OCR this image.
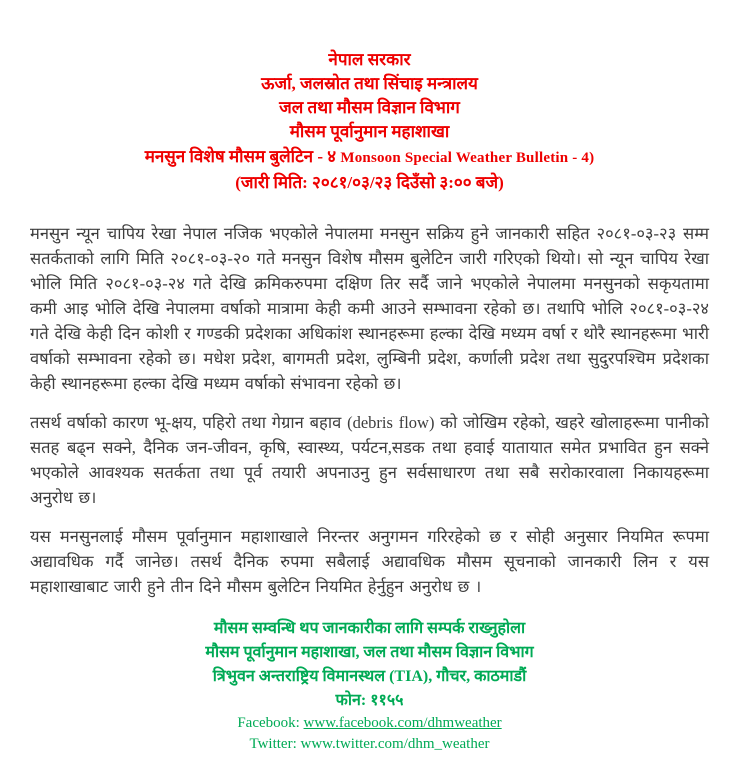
नेपाल सरकार
ऊर्जा, जलस्रोत तथा सिंचाइ मन्त्रालय
जल तथा मौसम विज्ञान विभाग
मौसम पूर्वानुमान महाशाखा
मनसुन विशेष मौसम बुलेटिन - ४ Monsoon Special Weather Bulletin - 4)
(जारी मिति: २०८१/०३/२३ दिउँसो ३:०० बजे)

मनसुन न्यून चापिय रेखा नेपाल नजिक भएकोले नेपालमा मनसुन सक्रिय हुने जानकारी सहित २०८१-०३-२३ सम्म सतर्कताको लागि मिति २०८१-०३-२० गते मनसुन विशेष मौसम बुलेटिन जारी गरिएको थियो। सो न्यून चापिय रेखा भोलि मिति २०८१-०३-२४ गते देखि क्रमिकरुपमा दक्षिण तिर सर्दै जाने भएकोले नेपालमा मनसुनको सकृयतामा कमी आइ भोलि देखि नेपालमा वर्षाको मात्रामा केही कमी आउने सम्भावना रहेको छ। तथापि भोलि २०८१-०३-२४ गते देखि केही दिन कोशी र गण्डकी प्रदेशका अधिकांश स्थानहरूमा हल्का देखि मध्यम वर्षा र थोरै स्थानहरूमा भारी वर्षाको सम्भावना रहेको छ। मधेश प्रदेश, बागमती प्रदेश, लुम्बिनी प्रदेश, कर्णाली प्रदेश तथा सुदुरपश्चिम प्रदेशका केही स्थानहरूमा हल्का देखि मध्यम वर्षाको संभावना रहेको छ।

तसर्थ वर्षाको कारण भू-क्षय, पहिरो तथा गेग्रान बहाव (debris flow) को जोखिम रहेको, खहरे खोलाहरूमा पानीको सतह बढ्न सक्ने, दैनिक जन-जीवन, कृषि, स्वास्थ्य, पर्यटन,सडक तथा हवाई यातायात समेत प्रभावित हुन सक्ने भएकोले आवश्यक सतर्कता तथा पूर्व तयारी अपनाउनु हुन सर्वसाधारण तथा सबै सरोकारवाला निकायहरूमा अनुरोध छ।

यस मनसुनलाई मौसम पूर्वानुमान महाशाखाले निरन्तर अनुगमन गरिरहेको छ र सोही अनुसार नियमित रूपमा अद्यावधिक गर्दै जानेछ। तसर्थ दैनिक रुपमा सबैलाई अद्यावधिक मौसम सूचनाको जानकारी लिन र यस महाशाखाबाट जारी हुने तीन दिने मौसम बुलेटिन नियमित हेर्नुहुन अनुरोध छ ।

मौसम सम्वन्धि थप जानकारीका लागि सम्पर्क राख्नुहोला
मौसम पूर्वानुमान महाशाखा, जल तथा मौसम विज्ञान विभाग
त्रिभुवन अन्तराष्ट्रिय विमानस्थल (TIA), गौचर, काठमाडौं
फोन: ११५५
Facebook: www.facebook.com/dhmweather
Twitter: www.twitter.com/dhm_weather
